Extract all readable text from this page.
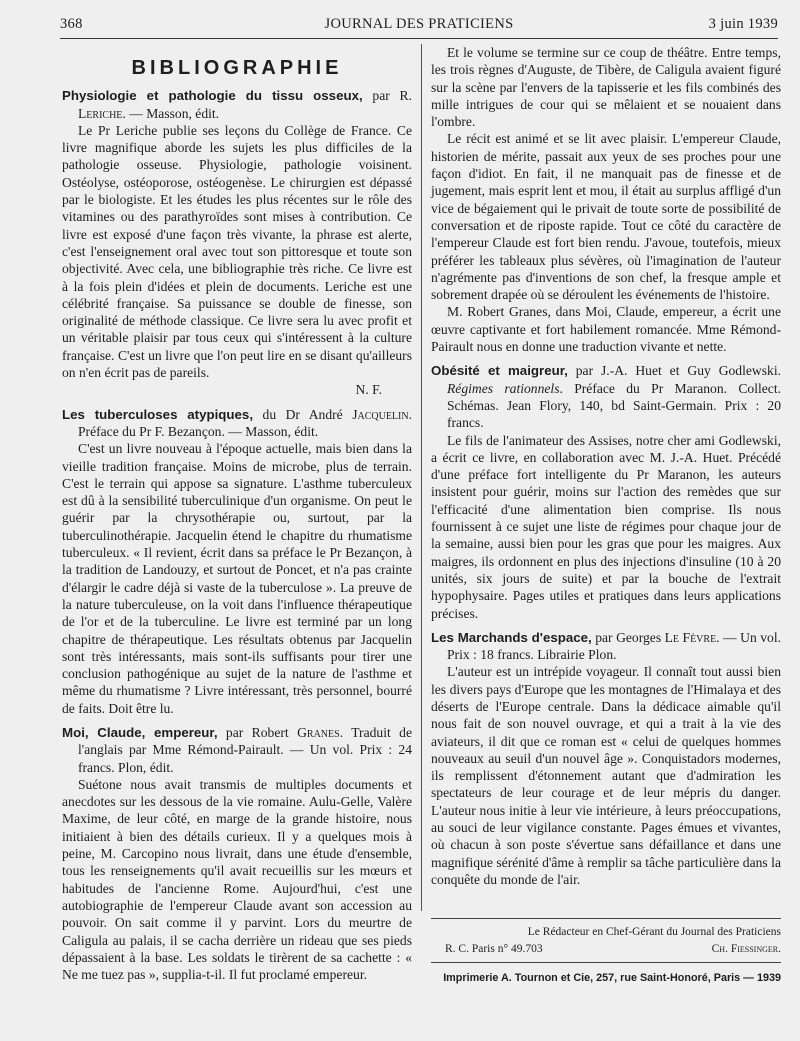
368	JOURNAL DES PRATICIENS	3 juin 1939

BIBLIOGRAPHIE

Physiologie et pathologie du tissu osseux, par R. Leriche. — Masson, édit.

Le Pr Leriche publie ses leçons du Collège de France. Ce livre magnifique aborde les sujets les plus difficiles de la pathologie osseuse. Physiologie, pathologie voisinent. Ostéolyse, ostéoporose, ostéogenèse. Le chirurgien est dépassé par le biologiste. Et les études les plus récentes sur le rôle des vitamines ou des parathyroïdes sont mises à contribution. Ce livre est exposé d'une façon très vivante, la phrase est alerte, c'est l'enseignement oral avec tout son pittoresque et toute son objectivité. Avec cela, une bibliographie très riche. Ce livre est à la fois plein d'idées et plein de documents. Leriche est une célébrité française. Sa puissance se double de finesse, son originalité de méthode classique. Ce livre sera lu avec profit et un véritable plaisir par tous ceux qui s'intéressent à la culture française. C'est un livre que l'on peut lire en se disant qu'ailleurs on n'en écrit pas de pareils.

N. F.

Les tuberculoses atypiques, du Dr André Jacquelin. Préface du Pr F. Bezançon. — Masson, édit.

C'est un livre nouveau à l'époque actuelle, mais bien dans la vieille tradition française. Moins de microbe, plus de terrain. C'est le terrain qui appose sa signature. L'asthme tuberculeux est dû à la sensibilité tuberculinique d'un organisme. On peut le guérir par la chrysothérapie ou, surtout, par la tuberculinothérapie. Jacquelin étend le chapitre du rhumatisme tuberculeux. « Il revient, écrit dans sa préface le Pr Bezançon, à la tradition de Landouzy, et surtout de Poncet, et n'a pas crainte d'élargir le cadre déjà si vaste de la tuberculose ». La preuve de la nature tuberculeuse, on la voit dans l'influence thérapeutique de l'or et de la tuberculine. Le livre est terminé par un long chapitre de thérapeutique. Les résultats obtenus par Jacquelin sont très intéressants, mais sont-ils suffisants pour tirer une conclusion pathogénique au sujet de la nature de l'asthme et même du rhumatisme ? Livre intéressant, très personnel, bourré de faits. Doit être lu.

Moi, Claude, empereur, par Robert Granes. Traduit de l'anglais par Mme Rémond-Pairault. — Un vol. Prix : 24 francs. Plon, édit.

Suétone nous avait transmis de multiples documents et anecdotes sur les dessous de la vie romaine. Aulu-Gelle, Valère Maxime, de leur côté, en marge de la grande histoire, nous initiaient à bien des détails curieux. Il y a quelques mois à peine, M. Carcopino nous livrait, dans une étude d'ensemble, tous les renseignements qu'il avait recueillis sur les mœurs et habitudes de l'ancienne Rome. Aujourd'hui, c'est une autobiographie de l'empereur Claude avant son accession au pouvoir. On sait comme il y parvint. Lors du meurtre de Caligula au palais, il se cacha derrière un rideau que ses pieds dépassaient à la base. Les soldats le tirèrent de sa cachette : « Ne me tuez pas », supplia-t-il. Il fut proclamé empereur.

Et le volume se termine sur ce coup de théâtre. Entre temps, les trois règnes d'Auguste, de Tibère, de Caligula avaient figuré sur la scène par l'envers de la tapisserie et les fils combinés des mille intrigues de cour qui se mêlaient et se nouaient dans l'ombre.

Le récit est animé et se lit avec plaisir. L'empereur Claude, historien de mérite, passait aux yeux de ses proches pour une façon d'idiot. En fait, il ne manquait pas de finesse et de jugement, mais esprit lent et mou, il était au surplus affligé d'un vice de bégaiement qui le privait de toute sorte de possibilité de conversation et de riposte rapide. Tout ce côté du caractère de l'empereur Claude est fort bien rendu. J'avoue, toutefois, mieux préférer les tableaux plus sévères, où l'imagination de l'auteur n'agrémente pas d'inventions de son chef, la fresque ample et sobrement drapée où se déroulent les événements de l'histoire.

M. Robert Granes, dans Moi, Claude, empereur, a écrit une œuvre captivante et fort habilement romancée. Mme Rémond-Pairault nous en donne une traduction vivante et nette.

Obésité et maigreur, par J.-A. Huet et Guy Godlewski. Régimes rationnels. Préface du Pr Maranon. Collect. Schémas. Jean Flory, 140, bd Saint-Germain. Prix : 20 francs.

Le fils de l'animateur des Assises, notre cher ami Godlewski, a écrit ce livre, en collaboration avec M. J.-A. Huet. Précédé d'une préface fort intelligente du Pr Maranon, les auteurs insistent pour guérir, moins sur l'action des remèdes que sur l'efficacité d'une alimentation bien comprise. Ils nous fournissent à ce sujet une liste de régimes pour chaque jour de la semaine, aussi bien pour les gras que pour les maigres. Aux maigres, ils ordonnent en plus des injections d'insuline (10 à 20 unités, six jours de suite) et par la bouche de l'extrait hypophysaire. Pages utiles et pratiques dans leurs applications précises.

Les Marchands d'espace, par Georges Le Fèvre. — Un vol. Prix : 18 francs. Librairie Plon.

L'auteur est un intrépide voyageur. Il connaît tout aussi bien les divers pays d'Europe que les montagnes de l'Himalaya et des déserts de l'Europe centrale. Dans la dédicace aimable qu'il nous fait de son nouvel ouvrage, et qui a trait à la vie des aviateurs, il dit que ce roman est « celui de quelques hommes nouveaux au seuil d'un nouvel âge ». Conquistadors modernes, ils remplissent d'étonnement autant que d'admiration les spectateurs de leur courage et de leur mépris du danger. L'auteur nous initie à leur vie intérieure, à leurs préoccupations, au souci de leur vigilance constante. Pages émues et vivantes, où chacun à son poste s'évertue sans défaillance et dans une magnifique sérénité d'âme à remplir sa tâche particulière dans la conquête du monde de l'air.

Le Rédacteur en Chef-Gérant du Journal des Praticiens
R. C. Paris n° 49.703	Ch. Fiessinger.
Imprimerie A. Tournon et Cie, 257, rue Saint-Honoré, Paris — 1939
